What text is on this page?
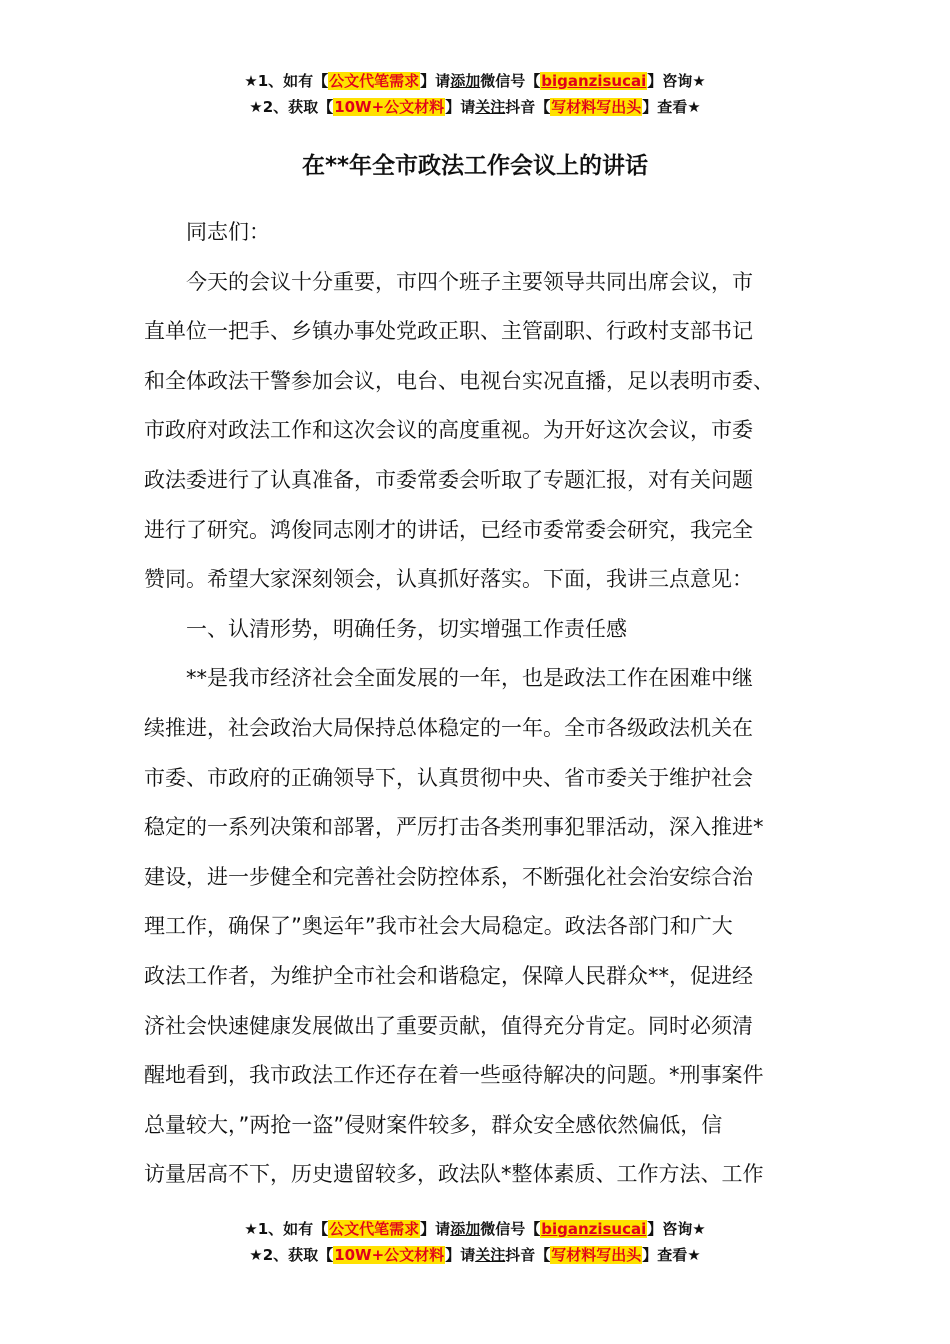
★1、如有【公文代笔需求】请添加微信号【biganzisucai】咨询★
★2、获取【10W+公文材料】请关注抖音【写材料写出头】查看★
在**年全市政法工作会议上的讲话
　　同志们：
　　今天的会议十分重要，市四个班子主要领导共同出席会议，市
直单位一把手、乡镇办事处党政正职、主管副职、行政村支部书记
和全体政法干警参加会议，电台、电视台实况直播，足以表明市委、
市政府对政法工作和这次会议的高度重视。为开好这次会议，市委
政法委进行了认真准备，市委常委会听取了专题汇报，对有关问题
进行了研究。鸿俊同志刚才的讲话，已经市委常委会研究，我完全
赞同。希望大家深刻领会，认真抓好落实。下面，我讲三点意见：
　　一、认清形势，明确任务，切实增强工作责任感
　　**是我市经济社会全面发展的一年，也是政法工作在困难中继
续推进，社会政治大局保持总体稳定的一年。全市各级政法机关在
市委、市政府的正确领导下，认真贯彻中央、省市委关于维护社会
稳定的一系列决策和部署，严厉打击各类刑事犯罪活动，深入推进*
建设，进一步健全和完善社会防控体系，不断强化社会治安综合治
理工作，确保了”奥运年”我市社会大局稳定。政法各部门和广大
政法工作者，为维护全市社会和谐稳定，保障人民群众**，促进经
济社会快速健康发展做出了重要贡献，值得充分肯定。同时必须清
醒地看到，我市政法工作还存在着一些亟待解决的问题。*刑事案件
总量较大，”两抢一盗”侵财案件较多，群众安全感依然偏低，信
访量居高不下，历史遗留较多，政法队*整体素质、工作方法、工作
★1、如有【公文代笔需求】请添加微信号【biganzisucai】咨询★
★2、获取【10W+公文材料】请关注抖音【写材料写出头】查看★
